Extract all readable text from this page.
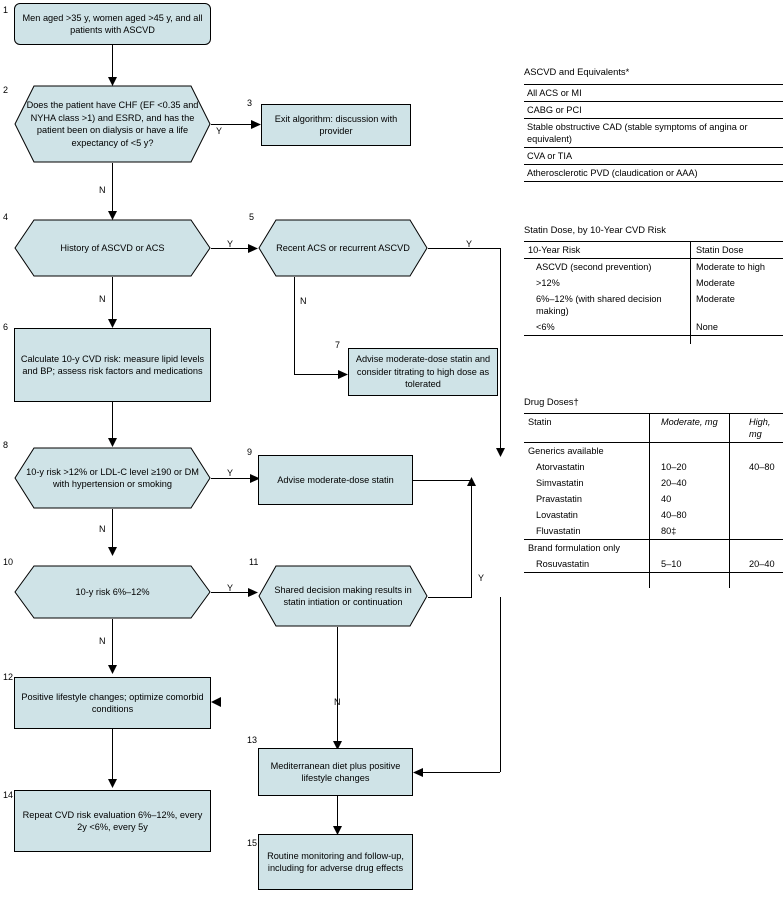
1
Men aged >35 y, women aged >45 y, and all patients with ASCVD
2
Does the patient have CHF (EF <0.35 and NYHA class >1) and ESRD, and has the patient been on dialysis or have a life expectancy of <5 y?
Y
N
3
Exit algorithm: discussion with provider
4
History of ASCVD or ACS	Y
N
5
Recent ACS or recurrent ASCVD	Y
N
6
Calculate 10-y CVD risk: measure lipid levels and BP; assess risk factors and medications
7
Advise moderate-dose statin and consider titrating to high dose as tolerated
8
10-y risk >12% or LDL-C level ≥190 or DM with hypertension or smoking
Y
N
9
Advise moderate-dose statin
10
10-y risk 6%–12%	Y
N
11
Shared decision making results in statin intiation or continuation
Y
N
12
Positive lifestyle changes; optimize comorbid conditions
13
Mediterranean diet plus positive lifestyle changes
14
Repeat CVD risk evaluation 6%–12%, every 2y <6%, every 5y
15
Routine monitoring and follow-up, including for adverse drug effects
ASCVD and Equivalents*
All ACS or MI
CABG or PCI
Stable obstructive CAD (stable symptoms of angina or equivalent)
CVA or TIA
Atherosclerotic PVD (claudication or AAA)
Statin Dose, by 10-Year CVD Risk
10-Year Risk	Statin Dose
ASCVD (second prevention)	Moderate to high
>12%	Moderate
6%–12% (with shared decision making)	Moderate
<6%	None
Drug Doses†
Statin	Moderate, mg	High, mg
Generics available		
Atorvastatin	10–20	40–80
Simvastatin	20–40	
Pravastatin	40	
Lovastatin	40–80	
Fluvastatin	80‡	
Brand formulation only		
Rosuvastatin	5–10	20–40
